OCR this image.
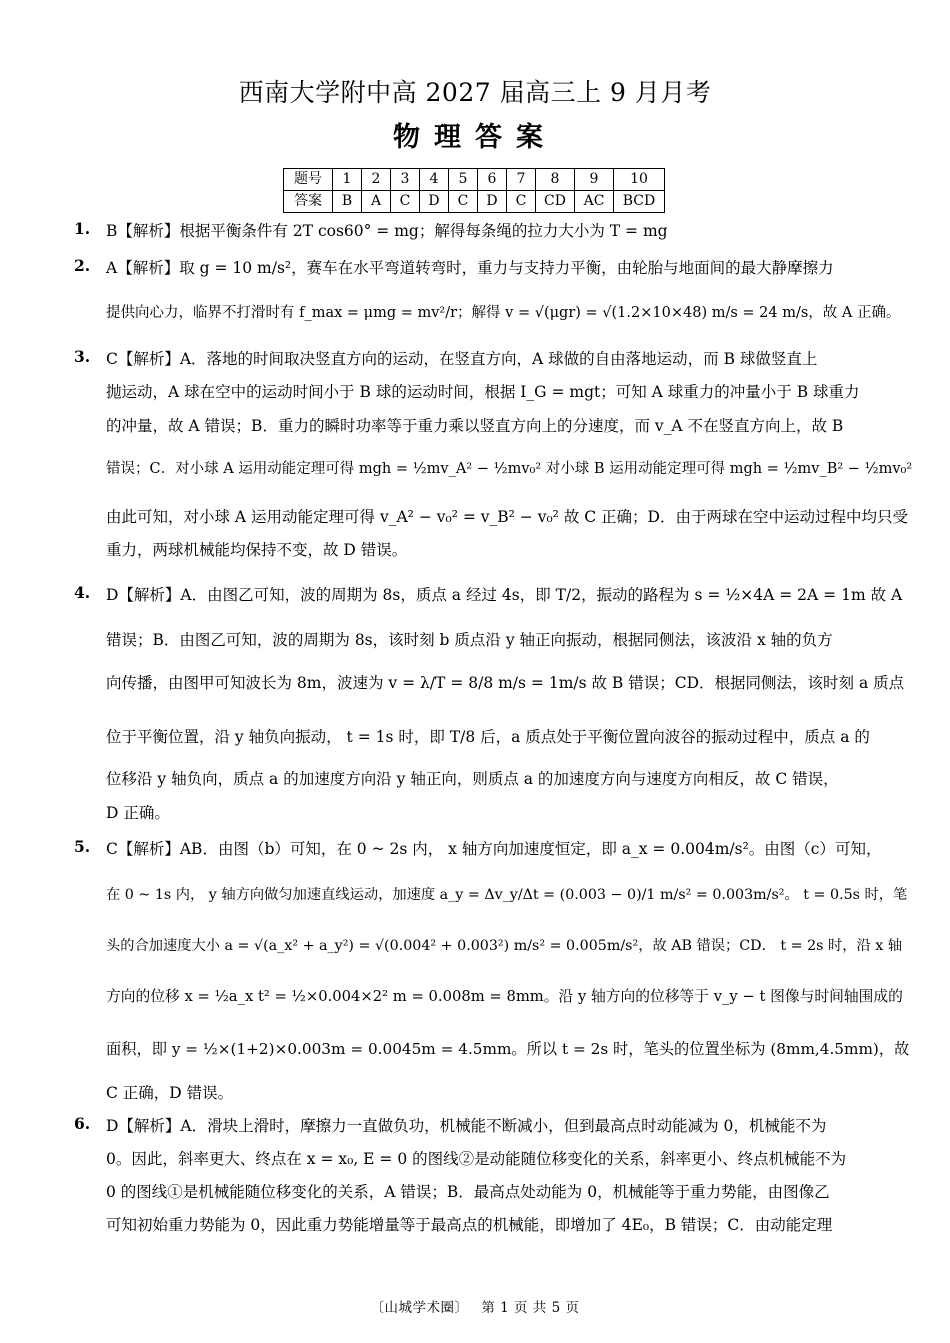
西南大学附中高 2027 届高三上 9 月月考
物理答案
题号	1	2	3	4	5	6	7	8	9	10
答案	B	A	C	D	C	D	C	CD	AC	BCD
1.	B【解析】根据平衡条件有 2T cos60° = mg；解得每条绳的拉力大小为 T = mg
2.	A【解析】取 g = 10 m/s²，赛车在水平弯道转弯时，重力与支持力平衡，由轮胎与地面间的最大静摩擦力
提供向心力，临界不打滑时有 f_max = μmg = mv²/r；解得 v = √(μgr) = √(1.2×10×48) m/s = 24 m/s，故 A 正确。
3.	C【解析】A．落地的时间取决竖直方向的运动，在竖直方向，A 球做的自由落地运动，而 B 球做竖直上
抛运动，A 球在空中的运动时间小于 B 球的运动时间，根据 I_G = mgt；可知 A 球重力的冲量小于 B 球重力
的冲量，故 A 错误；B．重力的瞬时功率等于重力乘以竖直方向上的分速度，而 v_A 不在竖直方向上，故 B
错误；C．对小球 A 运用动能定理可得 mgh = ½mv_A² − ½mv₀² 对小球 B 运用动能定理可得 mgh = ½mv_B² − ½mv₀²
由此可知，对小球 A 运用动能定理可得 v_A² − v₀² = v_B² − v₀² 故 C 正确；D．由于两球在空中运动过程中均只受
重力，两球机械能均保持不变，故 D 错误。
4.	D【解析】A．由图乙可知，波的周期为 8s，质点 a 经过 4s，即 T/2，振动的路程为 s = ½×4A = 2A = 1m 故 A
错误；B．由图乙可知，波的周期为 8s，该时刻 b 质点沿 y 轴正向振动，根据同侧法，该波沿 x 轴的负方
向传播，由图甲可知波长为 8m，波速为 v = λ/T = 8/8 m/s = 1m/s 故 B 错误；CD．根据同侧法，该时刻 a 质点
位于平衡位置，沿 y 轴负向振动， t = 1s 时，即 T/8 后，a 质点处于平衡位置向波谷的振动过程中，质点 a 的
位移沿 y 轴负向，质点 a 的加速度方向沿 y 轴正向，则质点 a 的加速度方向与速度方向相反，故 C 错误，
D 正确。
5.	C【解析】AB．由图（b）可知，在 0 ~ 2s 内， x 轴方向加速度恒定，即 a_x = 0.004m/s²。由图（c）可知，
在 0 ~ 1s 内， y 轴方向做匀加速直线运动，加速度 a_y = Δv_y/Δt = (0.003 − 0)/1 m/s² = 0.003m/s²。 t = 0.5s 时，笔
头的合加速度大小 a = √(a_x² + a_y²) = √(0.004² + 0.003²) m/s² = 0.005m/s²，故 AB 错误；CD． t = 2s 时，沿 x 轴
方向的位移 x = ½a_x t² = ½×0.004×2² m = 0.008m = 8mm。沿 y 轴方向的位移等于 v_y − t 图像与时间轴围成的
面积，即 y = ½×(1+2)×0.003m = 0.0045m = 4.5mm。所以 t = 2s 时，笔头的位置坐标为 (8mm,4.5mm)，故
C 正确，D 错误。
6.	D【解析】A．滑块上滑时，摩擦力一直做负功，机械能不断减小，但到最高点时动能减为 0，机械能不为
0。因此，斜率更大、终点在 x = x₀, E = 0 的图线②是动能随位移变化的关系，斜率更小、终点机械能不为
0 的图线①是机械能随位移变化的关系，A 错误；B．最高点处动能为 0，机械能等于重力势能，由图像乙
可知初始重力势能为 0，因此重力势能增量等于最高点的机械能，即增加了 4E₀，B 错误；C．由动能定理
〔山城学术圈〕 第 1 页 共 5 页
